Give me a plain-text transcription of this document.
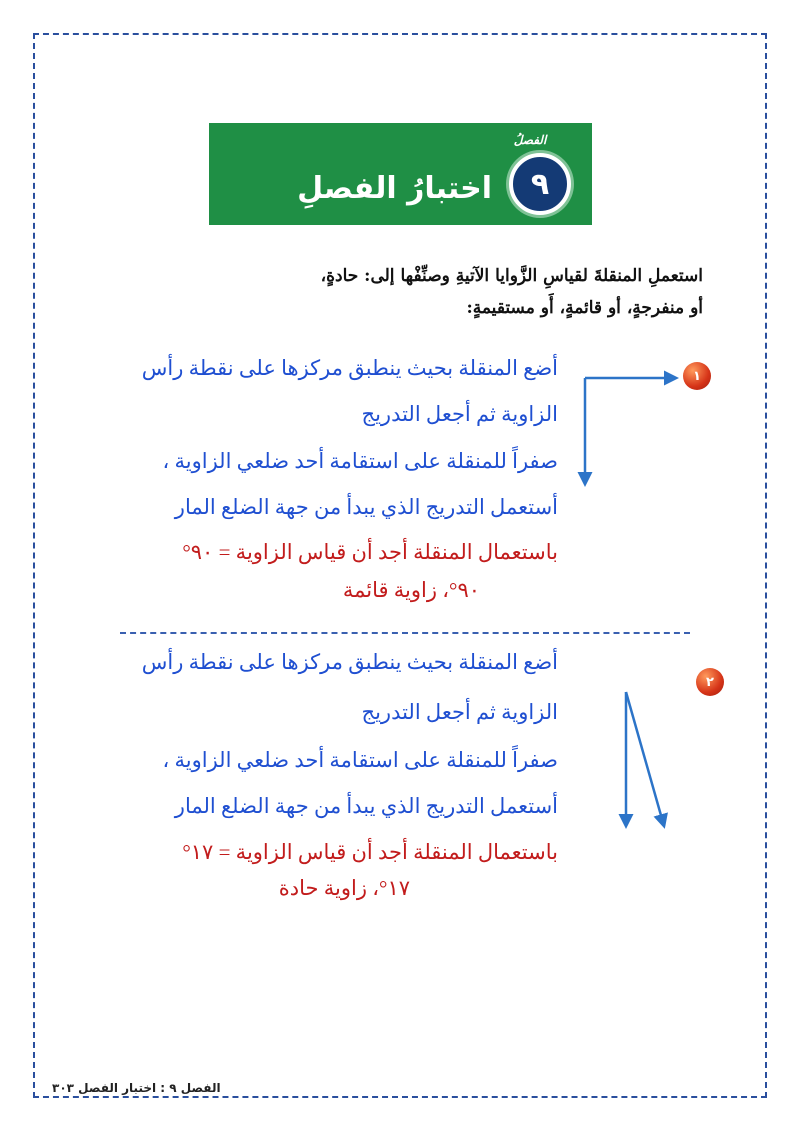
الفصلُ
٩
اختبارُ الفصلِ
استعملِ المنقلةَ لقياسِ الزَّوايا الآتيةِ وصنِّفْها إلى: حادةٍ،
أو منفرجةٍ، أو قائمةٍ، أَو مستقيمةٍ:
١
أضع المنقلة بحيث ينطبق مركزها على نقطة رأس
الزاوية ثم أجعل التدريج
صفراً للمنقلة على استقامة أحد ضلعي الزاوية ،
أستعمل التدريج الذي يبدأ من جهة الضلع المار
باستعمال المنقلة أجد أن قياس الزاوية = ٩٠°
٩٠°، زاوية قائمة
٢
أضع المنقلة بحيث ينطبق مركزها على نقطة رأس
الزاوية ثم أجعل التدريج
صفراً للمنقلة على استقامة أحد ضلعي الزاوية ،
أستعمل التدريج الذي يبدأ من جهة الضلع المار
باستعمال المنقلة أجد أن قياس الزاوية = ١٧°
١٧°، زاوية حادة
الفصل ٩ : اختبار الفصل ٣٠٣
